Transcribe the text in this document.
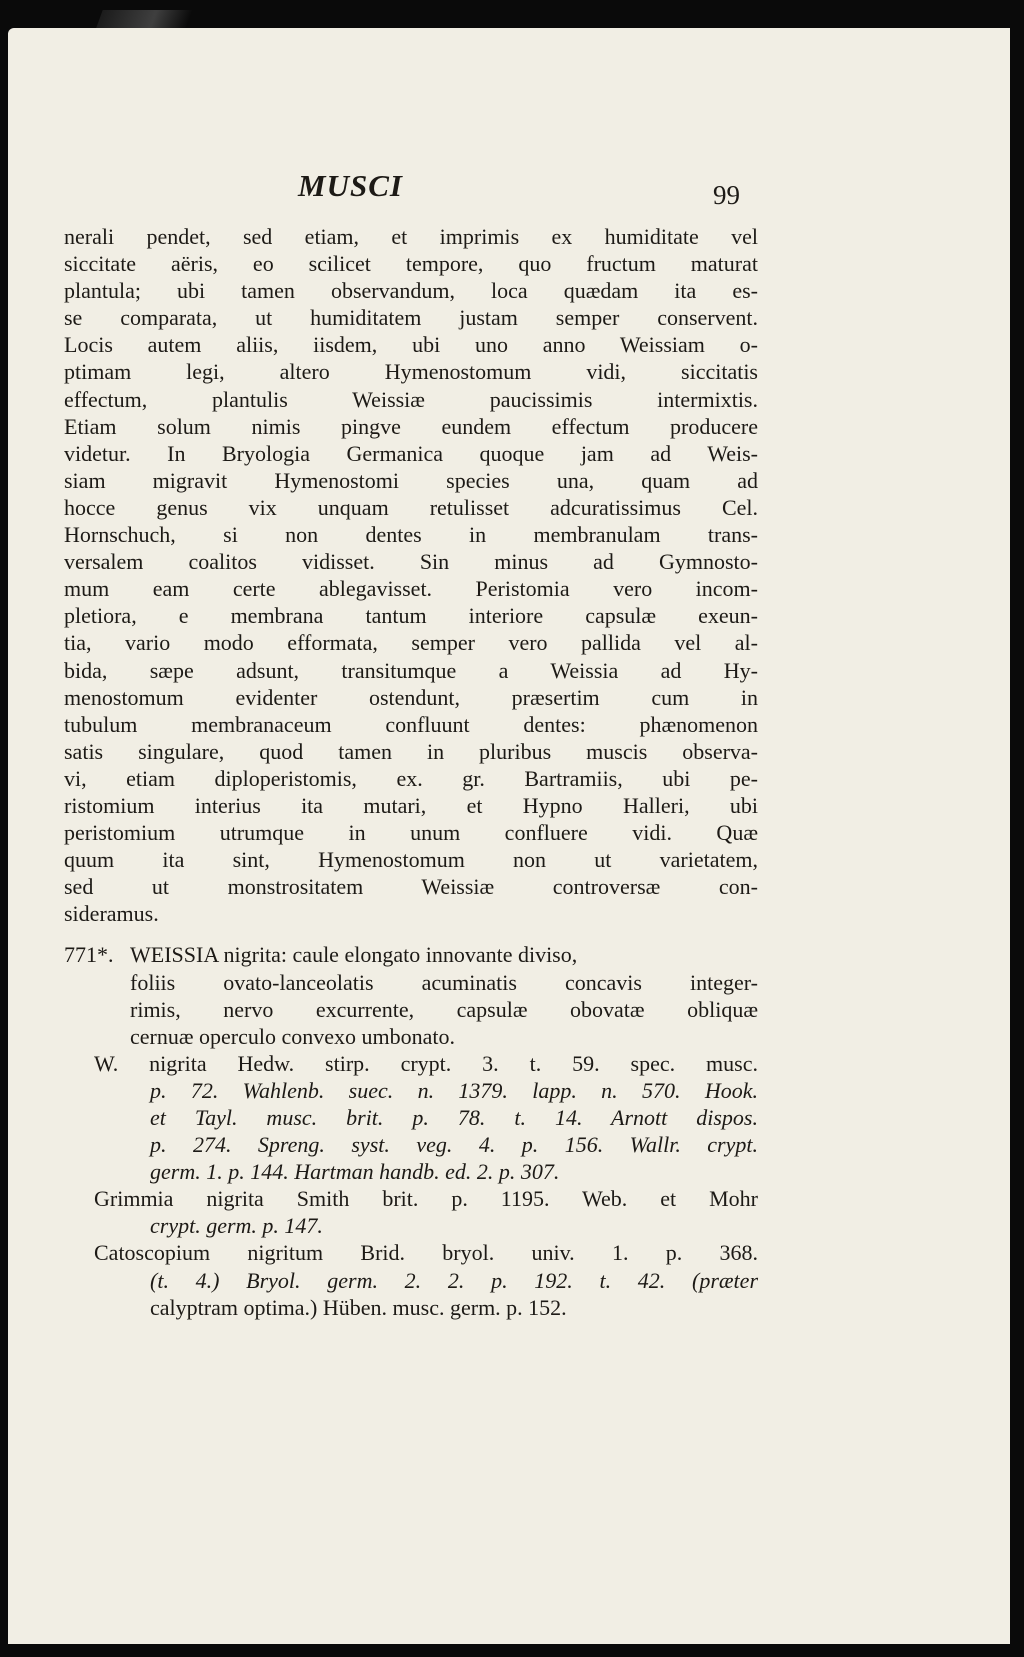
MUSCI	99
nerali pendet, sed etiam, et imprimis ex humiditate vel
siccitate aëris, eo scilicet tempore, quo fructum maturat
plantula; ubi tamen observandum, loca quædam ita es-
se comparata, ut humiditatem justam semper conservent.
Locis autem aliis, iisdem, ubi uno anno Weissiam o-
ptimam legi, altero Hymenostomum vidi, siccitatis
effectum, plantulis Weissiæ paucissimis intermixtis.
Etiam solum nimis pingve eundem effectum producere
videtur. In Bryologia Germanica quoque jam ad Weis-
siam migravit Hymenostomi species una, quam ad
hocce genus vix unquam retulisset adcuratissimus Cel.
Hornschuch, si non dentes in membranulam trans-
versalem coalitos vidisset. Sin minus ad Gymnosto-
mum eam certe ablegavisset. Peristomia vero incom-
pletiora, e membrana tantum interiore capsulæ exeun-
tia, vario modo efformata, semper vero pallida vel al-
bida, sæpe adsunt, transitumque a Weissia ad Hy-
menostomum evidenter ostendunt, præsertim cum in
tubulum membranaceum confluunt dentes: phænomenon
satis singulare, quod tamen in pluribus muscis observa-
vi, etiam diploperistomis, ex. gr. Bartramiis, ubi pe-
ristomium interius ita mutari, et Hypno Halleri, ubi
peristomium utrumque in unum confluere vidi. Quæ
quum ita sint, Hymenostomum non ut varietatem,
sed ut monstrositatem Weissiæ controversæ con-
sideramus.
771*. WEISSIA nigrita: caule elongato innovante diviso,
foliis ovato-lanceolatis acuminatis concavis integer-
rimis, nervo excurrente, capsulæ obovatæ obliquæ
cernuæ operculo convexo umbonato.
W. nigrita Hedw. stirp. crypt. 3. t. 59. spec. musc.
p. 72. Wahlenb. suec. n. 1379. lapp. n. 570. Hook.
et Tayl. musc. brit. p. 78. t. 14. Arnott dispos.
p. 274. Spreng. syst. veg. 4. p. 156. Wallr. crypt.
germ. 1. p. 144. Hartman handb. ed. 2. p. 307.
Grimmia nigrita Smith brit. p. 1195. Web. et Mohr
crypt. germ. p. 147.
Catoscopium nigritum Brid. bryol. univ. 1. p. 368.
(t. 4.) Bryol. germ. 2. 2. p. 192. t. 42. (præter
calyptram optima.) Hüben. musc. germ. p. 152.
